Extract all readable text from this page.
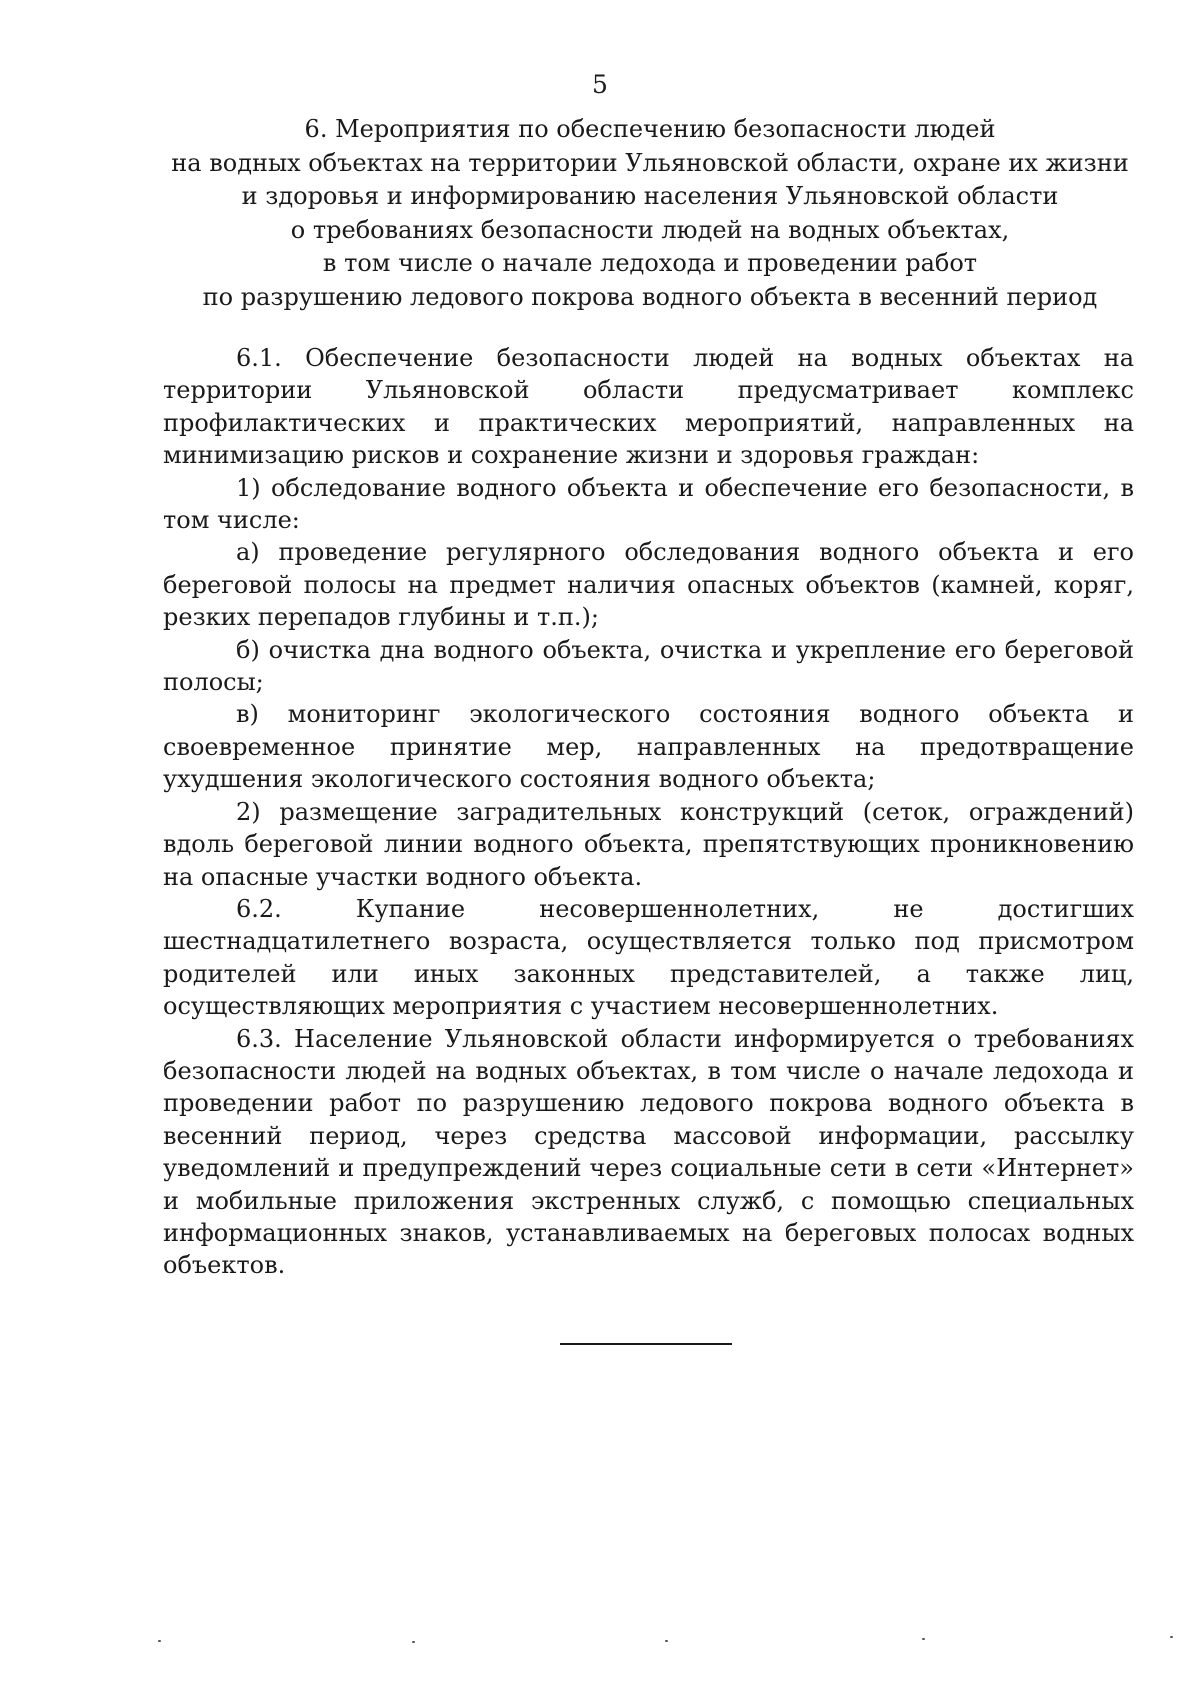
5
6. Мероприятия по обеспечению безопасности людей
на водных объектах на территории Ульяновской области, охране их жизни
и здоровья и информированию населения Ульяновской области
о требованиях безопасности людей на водных объектах,
в том числе о начале ледохода и проведении работ
по разрушению ледового покрова водного объекта в весенний период

6.1. Обеспечение безопасности людей на водных объектах на территории Ульяновской области предусматривает комплекс профилактических и практических мероприятий, направленных на минимизацию рисков и сохранение жизни и здоровья граждан:

1) обследование водного объекта и обеспечение его безопасности, в том числе:

а) проведение регулярного обследования водного объекта и его береговой полосы на предмет наличия опасных объектов (камней, коряг, резких перепадов глубины и т.п.);

б) очистка дна водного объекта, очистка и укрепление его береговой полосы;

в) мониторинг экологического состояния водного объекта и своевременное принятие мер, направленных на предотвращение ухудшения экологического состояния водного объекта;

2) размещение заградительных конструкций (сеток, ограждений) вдоль береговой линии водного объекта, препятствующих проникновению на опасные участки водного объекта.

6.2. Купание несовершеннолетних, не достигших шестнадцатилетнего возраста, осуществляется только под присмотром родителей или иных законных представителей, а также лиц, осуществляющих мероприятия с участием несовершеннолетних.

6.3. Население Ульяновской области информируется о требованиях безопасности людей на водных объектах, в том числе о начале ледохода и проведении работ по разрушению ледового покрова водного объекта в весенний период, через средства массовой информации, рассылку уведомлений и предупреждений через социальные сети в сети «Интернет» и мобильные приложения экстренных служб, с помощью специальных информационных знаков, устанавливаемых на береговых полосах водных объектов.
